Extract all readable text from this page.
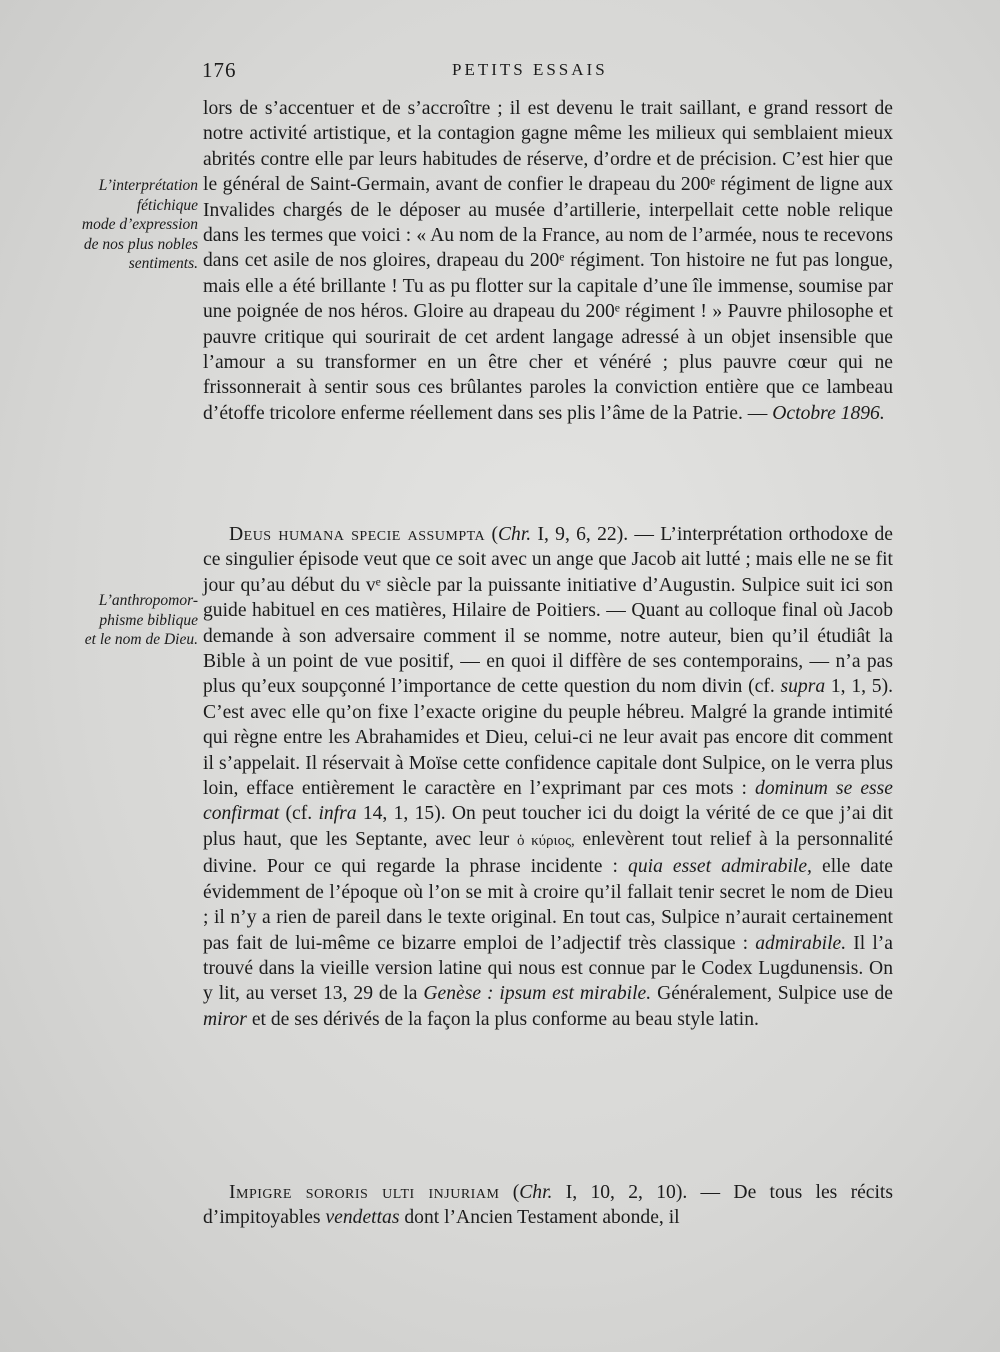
176	PETITS ESSAIS
L’interprétation
fétichique
mode d’expression
de nos plus nobles
sentiments.
L’anthropomor-
phisme biblique
et le nom de Dieu.

lors de s’accentuer et de s’accroître ; il est devenu le trait saillant, e grand ressort de notre activité artistique, et la contagion gagne même les milieux qui semblaient mieux abrités contre elle par leurs habitudes de réserve, d’ordre et de précision. C’est hier que le général de Saint-Germain, avant de confier le drapeau du 200ᵉ régiment de ligne aux Invalides chargés de le déposer au musée d’artillerie, interpellait cette noble relique dans les termes que voici : « Au nom de la France, au nom de l’armée, nous te recevons dans cet asile de nos gloires, drapeau du 200ᵉ régiment. Ton histoire ne fut pas longue, mais elle a été brillante ! Tu as pu flotter sur la capitale d’une île immense, soumise par une poignée de nos héros. Gloire au drapeau du 200ᵉ régiment ! » Pauvre philosophe et pauvre critique qui sourirait de cet ardent langage adressé à un objet insensible que l’amour a su transformer en un être cher et vénéré ; plus pauvre cœur qui ne frissonnerait à sentir sous ces brûlantes paroles la conviction entière que ce lambeau d’étoffe tricolore enferme réellement dans ses plis l’âme de la Patrie. — Octobre 1896.

Deus humana specie assumpta (Chr. I, 9, 6, 22). — L’interprétation orthodoxe de ce singulier épisode veut que ce soit avec un ange que Jacob ait lutté ; mais elle ne se fit jour qu’au début du vᵉ siècle par la puissante initiative d’Augustin. Sulpice suit ici son guide habituel en ces matières, Hilaire de Poitiers. — Quant au colloque final où Jacob demande à son adversaire comment il se nomme, notre auteur, bien qu’il étudiât la Bible à un point de vue positif, — en quoi il diffère de ses contemporains, — n’a pas plus qu’eux soupçonné l’importance de cette question du nom divin (cf. supra 1, 1, 5). C’est avec elle qu’on fixe l’exacte origine du peuple hébreu. Malgré la grande intimité qui règne entre les Abrahamides et Dieu, celui-ci ne leur avait pas encore dit comment il s’appelait. Il réservait à Moïse cette confidence capitale dont Sulpice, on le verra plus loin, efface entièrement le caractère en l’exprimant par ces mots : dominum se esse confirmat (cf. infra 14, 1, 15). On peut toucher ici du doigt la vérité de ce que j’ai dit plus haut, que les Septante, avec leur ὁ κύριος, enlevèrent tout relief à la personnalité divine. Pour ce qui regarde la phrase incidente : quia esset admirabile, elle date évidemment de l’époque où l’on se mit à croire qu’il fallait tenir secret le nom de Dieu ; il n’y a rien de pareil dans le texte original. En tout cas, Sulpice n’aurait certainement pas fait de lui-même ce bizarre emploi de l’adjectif très classique : admirabile. Il l’a trouvé dans la vieille version latine qui nous est connue par le Codex Lugdunensis. On y lit, au verset 13, 29 de la Genèse : ipsum est mirabile. Généralement, Sulpice use de miror et de ses dérivés de la façon la plus conforme au beau style latin.

Impigre sororis ulti injuriam (Chr. I, 10, 2, 10). — De tous les récits d’impitoyables vendettas dont l’Ancien Testament abonde, il
